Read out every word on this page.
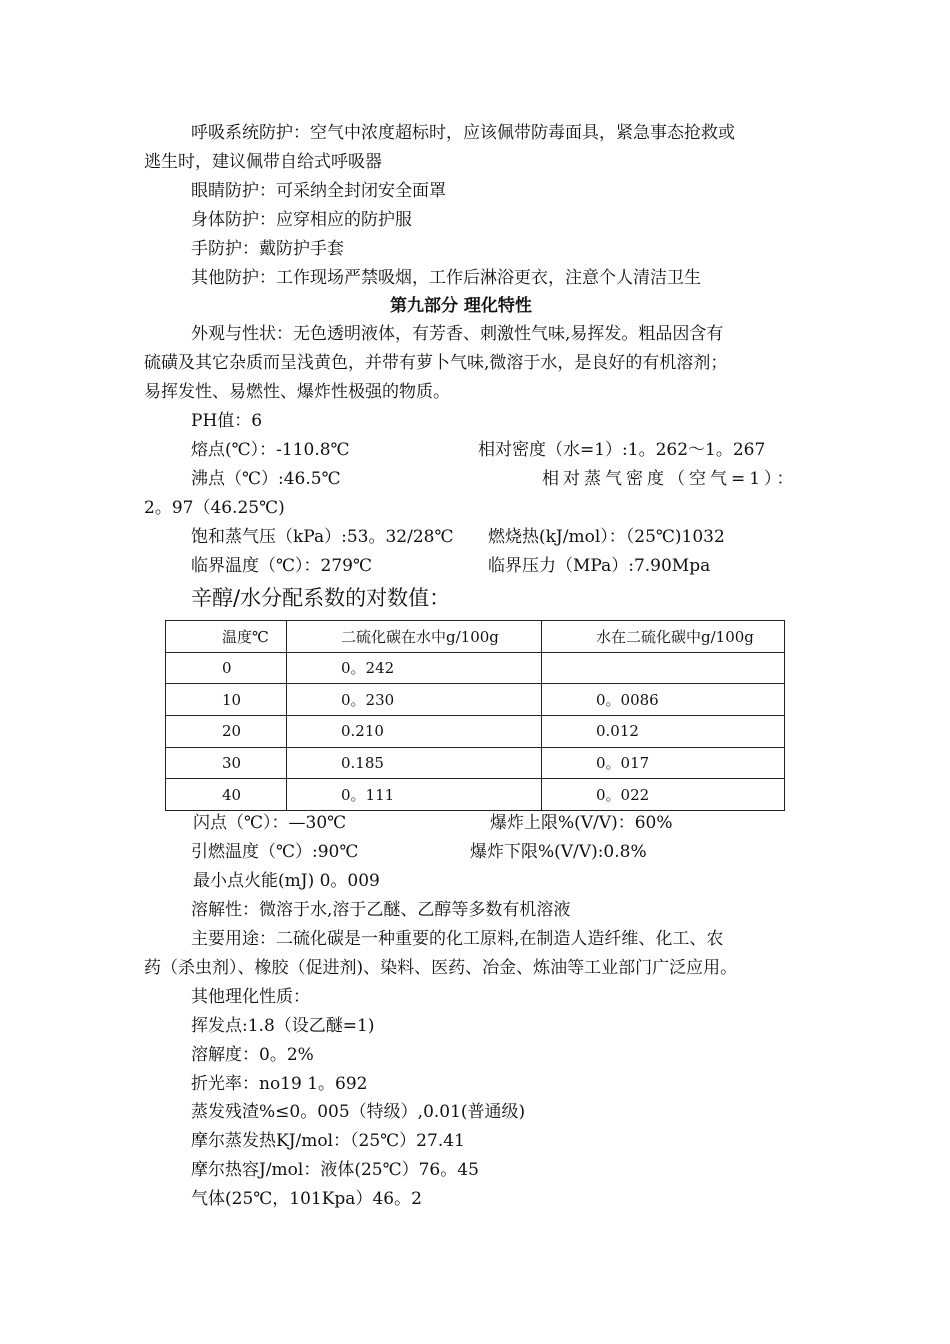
呼吸系统防护：空气中浓度超标时，应该佩带防毒面具，紧急事态抢救或
逃生时，建议佩带自给式呼吸器
眼睛防护：可采纳全封闭安全面罩
身体防护：应穿相应的防护服
手防护：戴防护手套
其他防护：工作现场严禁吸烟，工作后淋浴更衣，注意个人清洁卫生
第九部分 理化特性
外观与性状：无色透明液体，有芳香、刺激性气味,易挥发。粗品因含有
硫磺及其它杂质而呈浅黄色，并带有萝卜气味,微溶于水，是良好的有机溶剂；
易挥发性、易燃性、爆炸性极强的物质。
PH值：6
熔点(℃）：-110.8℃	相对密度（水=1）:1。262～1。267
沸点（℃）:46.5℃	相对蒸气密度（空气=1）：
2。97（46.25℃)
饱和蒸气压（kPa）:53。32/28℃ 燃烧热(kJ/mol）：（25℃)1032
临界温度（℃）：279℃	临界压力（MPa）:7.90Mpa
辛醇/水分配系数的对数值：
温度℃	二硫化碳在水中g/100g	水在二硫化碳中g/100g
0	0。242	
10	0。230	0。0086
20	0.210	0.012
30	0.185	0。017
40	0。111	0。022
闪点（℃）：—30℃	爆炸上限%(V/V)：60%
引燃温度（℃）:90℃	爆炸下限%(V/V):0.8%
最小点火能(mJ) 0。009
溶解性：微溶于水,溶于乙醚、乙醇等多数有机溶液
主要用途：二硫化碳是一种重要的化工原料,在制造人造纤维、化工、农
药（杀虫剂）、橡胶（促进剂)、染料、医药、冶金、炼油等工业部门广泛应用。
其他理化性质：
挥发点:1.8（设乙醚=1)
溶解度：0。2%
折光率：no19 1。692
蒸发残渣%≤0。005（特级）,0.01(普通级)
摩尔蒸发热KJ/mol：（25℃）27.41
摩尔热容J/mol：液体(25℃）76。45
气体(25℃，101Kpa）46。2
